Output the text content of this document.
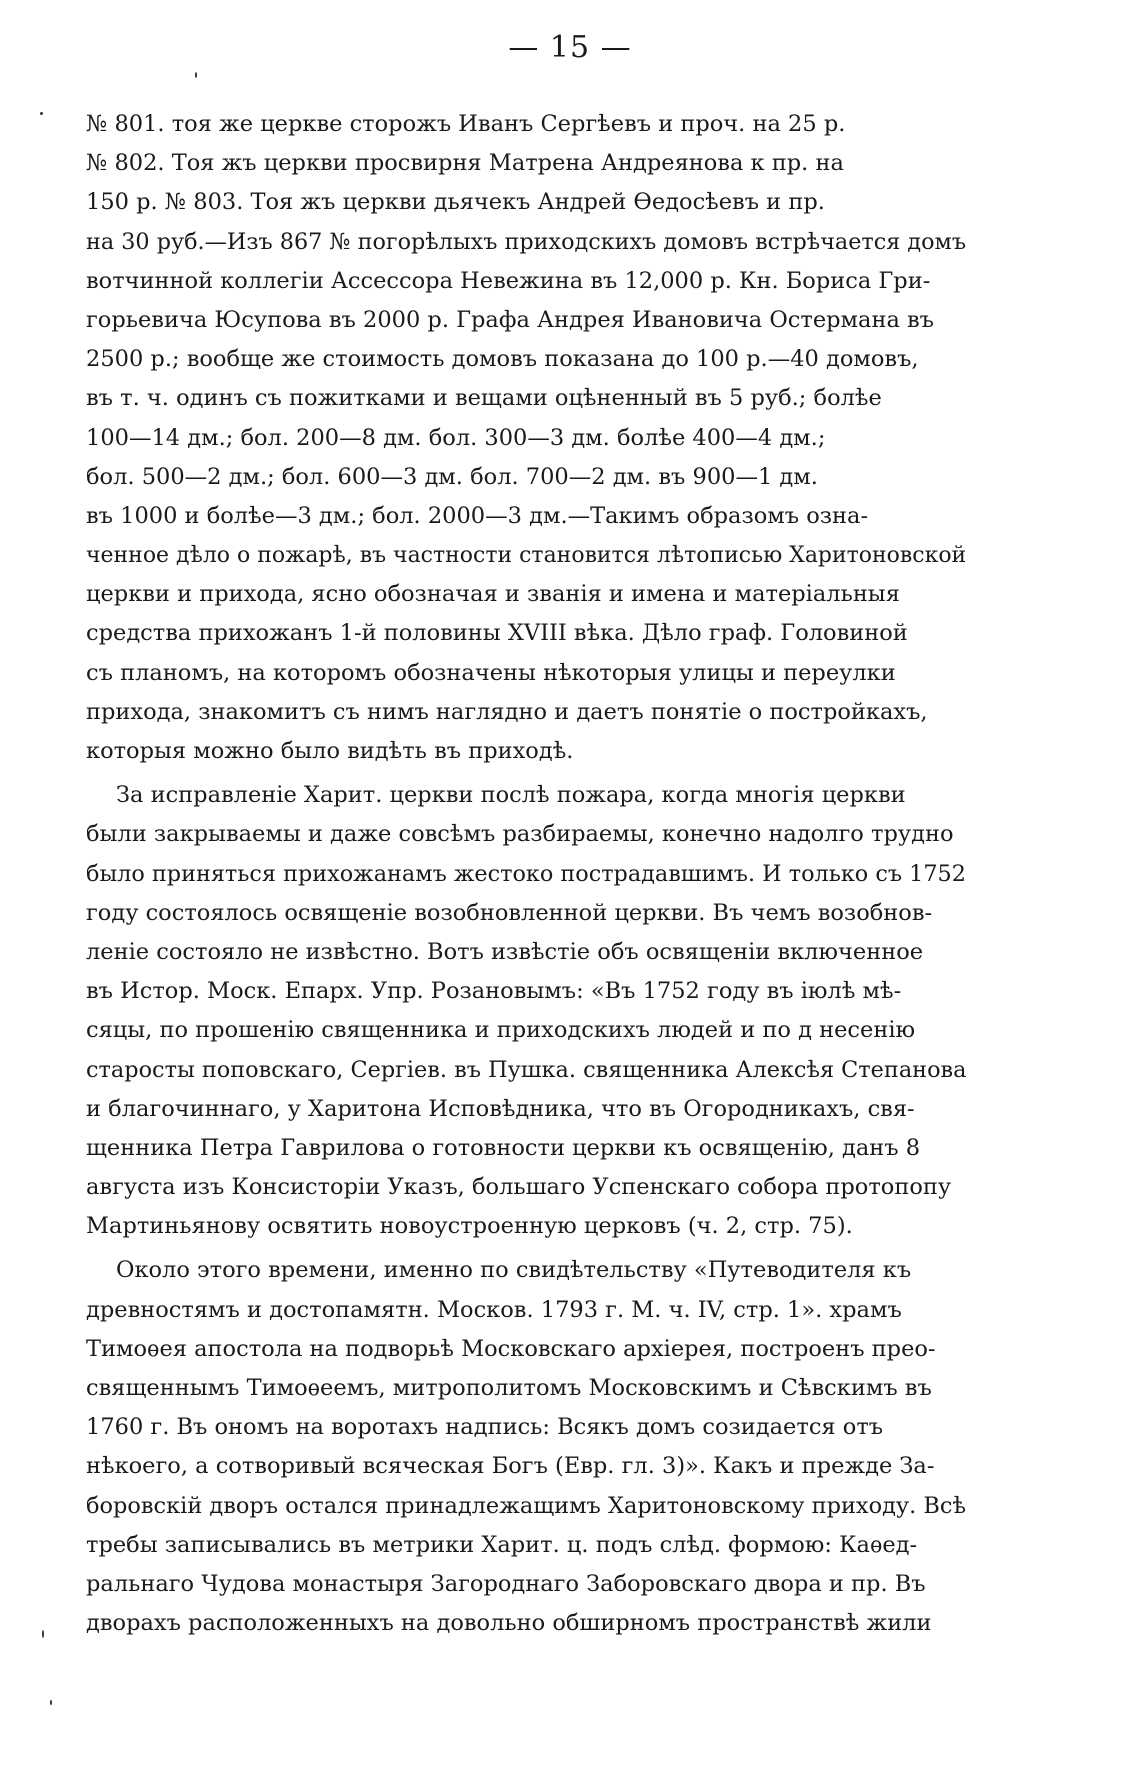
— 15 —
№ 801. тоя же церкве сторожъ Иванъ Сергѣевъ и проч. на 25 р.
№ 802. Тоя жъ церкви просвирня Матрена Андреянова к пр. на
150 р. № 803. Тоя жъ церкви дьячекъ Андрей Ѳедосѣевъ и пр.
на 30 руб.—Изъ 867 № погорѣлыхъ приходскихъ домовъ встрѣчается домъ
вотчинной коллегіи Ассессора Невежина въ 12,000 р. Кн. Бориса Гри-
горьевича Юсупова въ 2000 р. Графа Андрея Ивановича Остермана въ
2500 р.; вообще же стоимость домовъ показана до 100 р.—40 домовъ,
въ т. ч. одинъ съ пожитками и вещами оцѣненный въ 5 руб.; болѣе
100—14 дм.; бол. 200—8 дм. бол. 300—3 дм. болѣе 400—4 дм.;
бол. 500—2 дм.; бол. 600—3 дм. бол. 700—2 дм. въ 900—1 дм.
въ 1000 и болѣе—3 дм.; бол. 2000—3 дм.—Такимъ образомъ озна-
ченное дѣло о пожарѣ, въ частности становится лѣтописью Харитоновской
церкви и прихода, ясно обозначая и званія и имена и матеріальныя
средства прихожанъ 1-й половины XVIII вѣка. Дѣло граф. Головиной
съ планомъ, на которомъ обозначены нѣкоторыя улицы и переулки
прихода, знакомитъ съ нимъ наглядно и даетъ понятіе о постройкахъ,
которыя можно было видѣть въ приходѣ.
За исправленіе Харит. церкви послѣ пожара, когда многія церкви
были закрываемы и даже совсѣмъ разбираемы, конечно надолго трудно
было приняться прихожанамъ жестоко пострадавшимъ. И только съ 1752
году состоялось освященіе возобновленной церкви. Въ чемъ возобнов-
леніе состояло не извѣстно. Вотъ извѣстіе объ освященіи включенное
въ Истор. Моск. Епарх. Упр. Розановымъ: «Въ 1752 году въ іюлѣ мѣ-
сяцы, по прошенію священника и приходскихъ людей и по д несенію
старосты поповскаго, Сергіев. въ Пушка. священника Алексѣя Степанова
и благочиннаго, у Харитона Исповѣдника, что въ Огородникахъ, свя-
щенника Петра Гаврилова о готовности церкви къ освященію, данъ 8
августа изъ Консисторіи Указъ, большаго Успенскаго собора протопопу
Мартиньянову освятить новоустроенную церковъ (ч. 2, стр. 75).
Около этого времени, именно по свидѣтельству «Путеводителя къ
древностямъ и достопамятн. Москов. 1793 г. М. ч. IV, стр. 1». храмъ
Тимоѳея апостола на подворьѣ Московскаго архіерея, построенъ прео-
священнымъ Тимоѳеемъ, митрополитомъ Московскимъ и Сѣвскимъ въ
1760 г. Въ ономъ на воротахъ надпись: Всякъ домъ созидается отъ
нѣкоего, а сотворивый всяческая Богъ (Евр. гл. 3)». Какъ и прежде За-
боровскій дворъ остался принадлежащимъ Харитоновскому приходу. Всѣ
требы записывались въ метрики Харит. ц. подъ слѣд. формою: Каѳед-
ральнаго Чудова монастыря Загороднаго Заборовскаго двора и пр. Въ
дворахъ расположенныхъ на довольно обширномъ пространствѣ жили
